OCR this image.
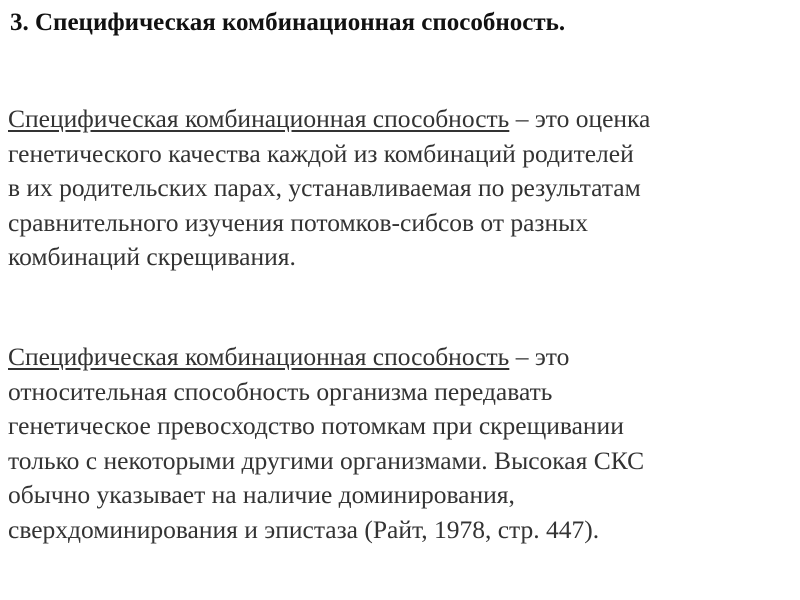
3. Специфическая комбинационная способность.
Специфическая комбинационная способность – это оценка
генетического качества каждой из комбинаций родителей
в их родительских парах, устанавливаемая по результатам
сравнительного изучения потомков-сибсов от разных
комбинаций скрещивания.
Специфическая комбинационная способность – это
относительная способность организма передавать
генетическое превосходство потомкам при скрещивании
только с некоторыми другими организмами. Высокая СКС
обычно указывает на наличие доминирования,
сверхдоминирования и эпистаза (Райт, 1978, стр. 447).
